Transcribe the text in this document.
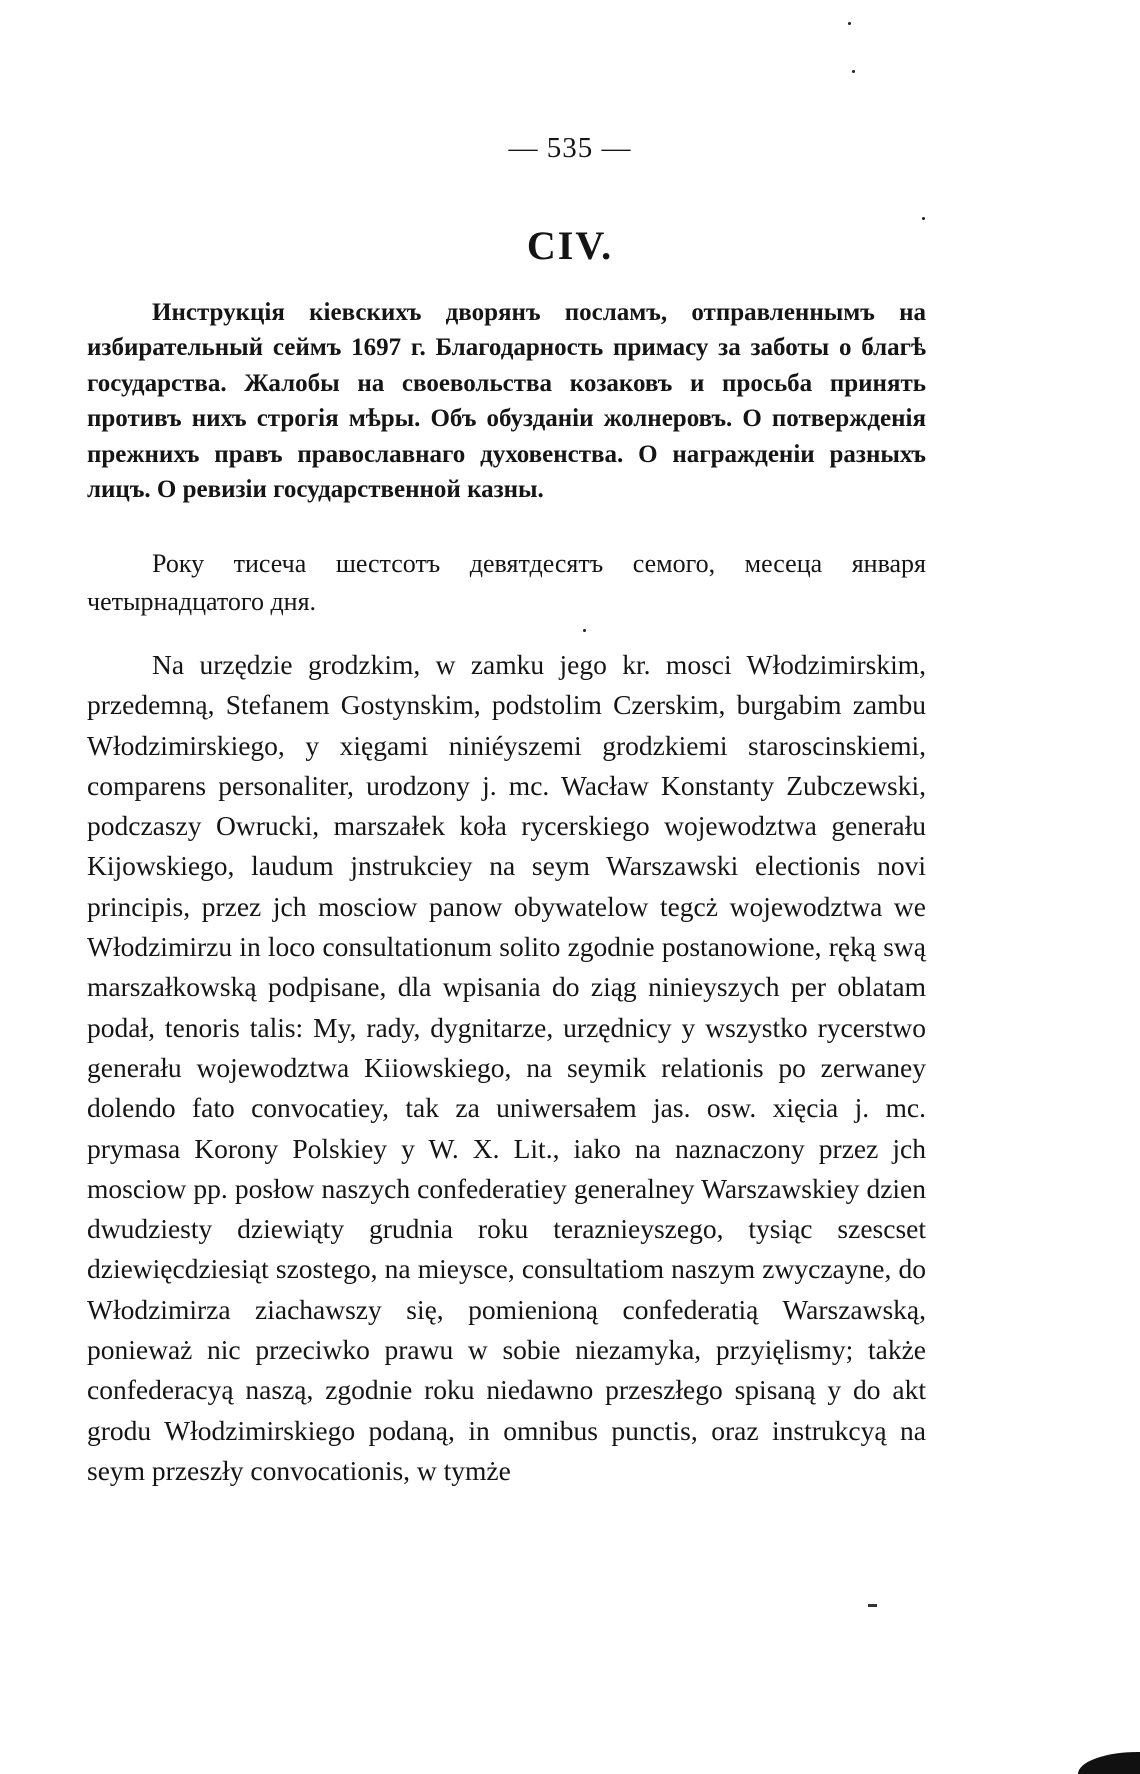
— 535 —
CIV.

Инструкція кіевскихъ дворянъ посламъ, отправленнымъ на избирательный сеймъ 1697 г. Благодарность примасу за заботы о благѣ государства. Жалобы на своевольства козаковъ и просьба принять противъ нихъ строгія мѣры. Объ обузданіи жолнеровъ. О потвержденія прежнихъ правъ православнаго духовенства. О награжденіи разныхъ лицъ. О ревизіи государственной казны.

Року тисеча шестсотъ девятдесятъ семого, месеца января четырнадцатого дня.

Na urzędzie grodzkim, w zamku jego kr. mosci Włodzimirskim, przedemną, Stefanem Gostynskim, podstolim Czerskim, burgabim zambu Włodzimirskiego, y xięgami niniéyszemi grodzkiemi staroscinskiemi, comparens personaliter, urodzony j. mc. Wacław Konstanty Zubczewski, podczaszy Owrucki, marszałek koła rycerskiego wojewodztwa generału Kijowskiego, laudum jnstrukciey na seym Warszawski electionis novi principis, przez jch mosciow panow obywatelow tegcż wojewodztwa we Włodzimirzu in loco consultationum solito zgodnie postanowione, ręką swą marszałkowską podpisane, dla wpisania do ziąg ninieyszych per oblatam podał, tenoris talis: My, rady, dygnitarze, urzędnicy y wszystko rycerstwo generału wojewodztwa Kiiowskiego, na seymik relationis po zerwaney dolendo fato convocatiey, tak za uniwersałem jas. osw. xięcia j. mc. prymasa Korony Polskiey y W. X. Lit., iako na naznaczony przez jch mosciow pp. posłow naszych confederatiey generalney Warszawskiey dzien dwudziesty dziewiąty grudnia roku teraznieyszego, tysiąc szescset dziewięcdziesiąt szostego, na mieysce, consultatiom naszym zwyczayne, do Włodzimirza ziachawszy się, pomienioną confederatią Warszawską, ponieważ nic przeciwko prawu w sobie niezamyka, przyięlismy; także confederacyą naszą, zgodnie roku niedawno przeszłego spisaną y do akt grodu Włodzimirskiego podaną, in omnibus punctis, oraz instrukcyą na seym przeszły convocationis, w tymże
